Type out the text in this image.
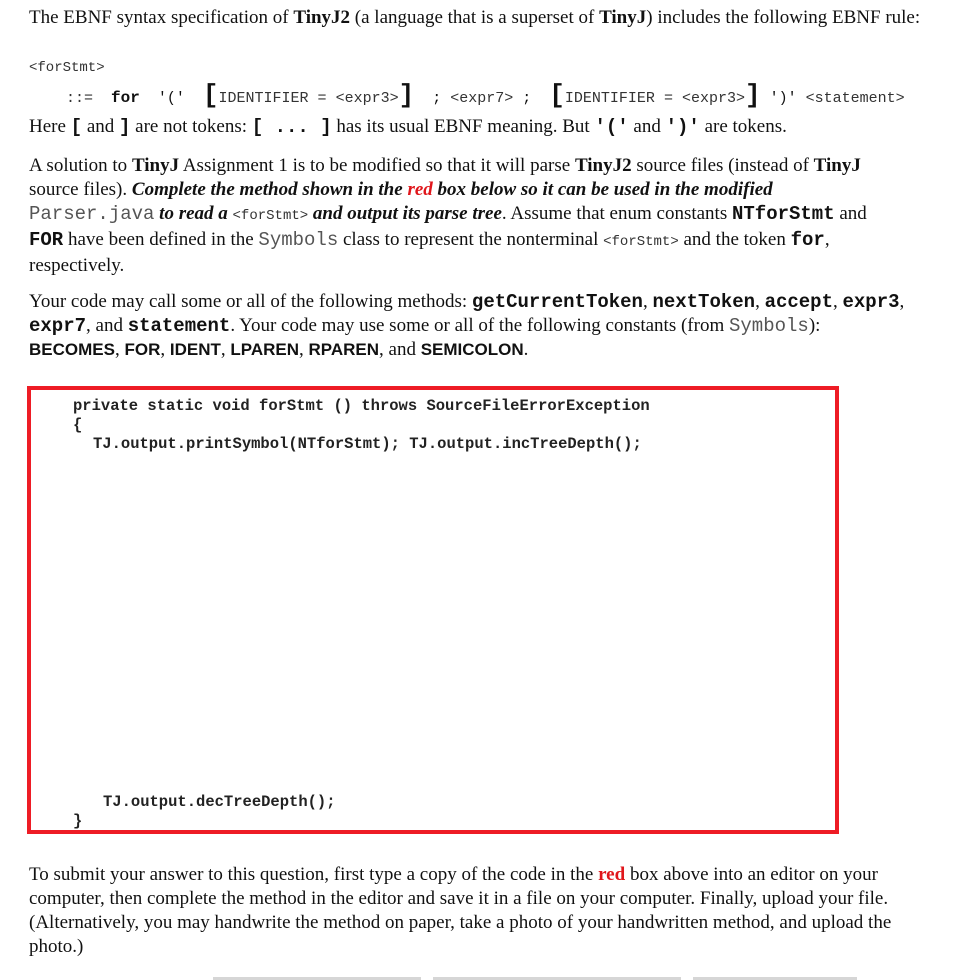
The EBNF syntax specification of TinyJ2 (a language that is a superset of TinyJ) includes the following EBNF rule:

<forStmt>
::= for '(' [IDENTIFIER = <expr3>] ; <expr7> ; [IDENTIFIER = <expr3>] ')' <statement>

Here [ and ] are not tokens: [ ... ] has its usual EBNF meaning. But '(' and ')' are tokens.

A solution to TinyJ Assignment 1 is to be modified so that it will parse TinyJ2 source files (instead of TinyJ source files). Complete the method shown in the red box below so it can be used in the modified Parser.java to read a <forStmt> and output its parse tree. Assume that enum constants NTforStmt and FOR have been defined in the Symbols class to represent the nonterminal <forStmt> and the token for, respectively.

Your code may call some or all of the following methods: getCurrentToken, nextToken, accept, expr3, expr7, and statement. Your code may use some or all of the following constants (from Symbols): BECOMES, FOR, IDENT, LPAREN, RPAREN, and SEMICOLON.

private static void forStmt () throws SourceFileErrorException
{
TJ.output.printSymbol(NTforStmt); TJ.output.incTreeDepth();
TJ.output.decTreeDepth();
}

To submit your answer to this question, first type a copy of the code in the red box above into an editor on your computer, then complete the method in the editor and save it in a file on your computer. Finally, upload your file. (Alternatively, you may handwrite the method on paper, take a photo of your handwritten method, and upload the photo.)
